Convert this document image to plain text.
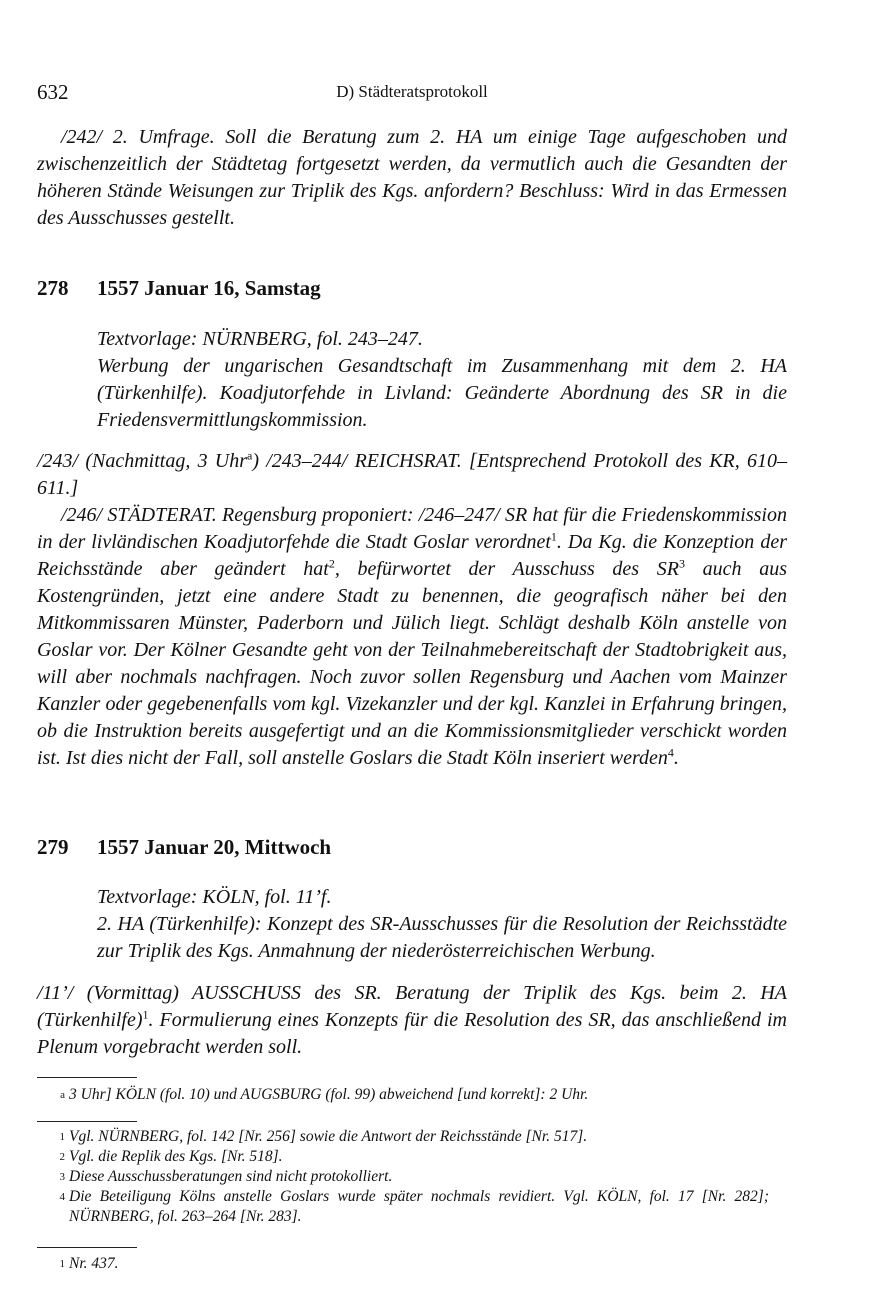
632	D) Städteratsprotokoll
/242/ 2. Umfrage. Soll die Beratung zum 2. HA um einige Tage aufgeschoben und zwischenzeitlich der Städtetag fortgesetzt werden, da vermutlich auch die Gesandten der höheren Stände Weisungen zur Triplik des Kgs. anfordern? Beschluss: Wird in das Ermessen des Ausschusses gestellt.
278 1557 Januar 16, Samstag
Textvorlage: NÜRNBERG, fol. 243–247.
Werbung der ungarischen Gesandtschaft im Zusammenhang mit dem 2. HA (Türkenhilfe). Koadjutorfehde in Livland: Geänderte Abordnung des SR in die Friedensvermittlungskommission.
/243/ (Nachmittag, 3 Uhr$^a$) /243–244/ REICHSRAT. [Entsprechend Protokoll des KR, 610–611.]
/246/ STÄDTERAT. Regensburg proponiert: /246–247/ SR hat für die Friedenskommission in der livländischen Koadjutorfehde die Stadt Goslar verordnet$^1$. Da Kg. die Konzeption der Reichsstände aber geändert hat$^2$, befürwortet der Ausschuss des $SR^3$ auch aus Kostengründen, jetzt eine andere Stadt zu benennen, die geografisch näher bei den Mitkommissaren Münster, Paderborn und Jülich liegt. Schlägt deshalb Köln anstelle von Goslar vor. Der Kölner Gesandte geht von der Teilnahmebereitschaft der Stadtobrigkeit aus, will aber nochmals nachfragen. Noch zuvor sollen Regensburg und Aachen vom Mainzer Kanzler oder gegebenenfalls vom kgl. Vizekanzler und der kgl. Kanzlei in Erfahrung bringen, ob die Instruktion bereits ausgefertigt und an die Kommissionsmitglieder verschickt worden ist. Ist dies nicht der Fall, soll anstelle Goslars die Stadt Köln inseriert werden$^4$.
279 1557 Januar 20, Mittwoch
Textvorlage: KÖLN, fol. 11’f.
2. HA (Türkenhilfe): Konzept des SR-Ausschusses für die Resolution der Reichsstädte zur Triplik des Kgs. Anmahnung der niederösterreichischen Werbung.
/11’/ (Vormittag) AUSSCHUSS des SR. Beratung der Triplik des Kgs. beim 2. HA (Türkenhilfe)$^1$. Formulierung eines Konzepts für die Resolution des SR, das anschließend im Plenum vorgebracht werden soll.
a 3 Uhr] KÖLN (fol. 10) und AUGSBURG (fol. 99) abweichend [und korrekt]: 2 Uhr.
1 Vgl. NÜRNBERG, fol. 142 [Nr. 256] sowie die Antwort der Reichsstände [Nr. 517].
2 Vgl. die Replik des Kgs. [Nr. 518].
3 Diese Ausschussberatungen sind nicht protokolliert.
4 Die Beteiligung Kölns anstelle Goslars wurde später nochmals revidiert. Vgl. KÖLN, fol. 17 [Nr. 282]; NÜRNBERG, fol. 263–264 [Nr. 283].
1 Nr. 437.
